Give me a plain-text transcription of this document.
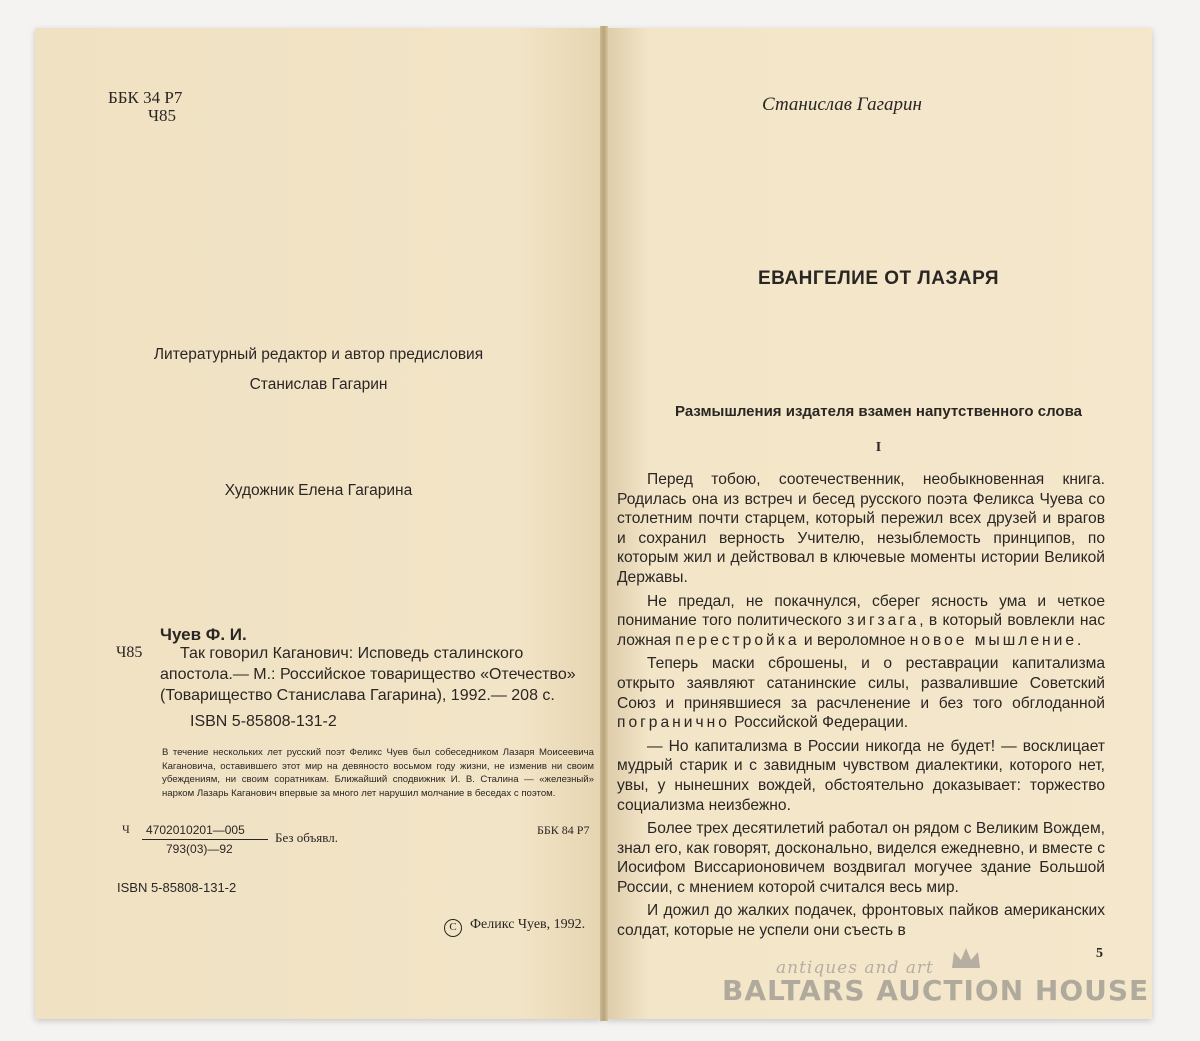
ББК 34 Р7
Ч85
Литературный редактор и автор предисловия
Станислав Гагарин
Художник Елена Гагарина
Ч85
Чуев Ф. И.
Так говорил Каганович: Исповедь сталинского
апостола.— М.: Российское товарищество «Отечество»
(Товарищество Станислава Гагарина), 1992.— 208 с.
ISBN 5-85808-131-2
В течение нескольких лет русский поэт Феликс Чуев был собеседником Лазаря Моисеевича Кагановича, оставившего этот мир на девяносто восьмом году жизни, не изменив ни своим убеждениям, ни своим соратникам. Ближайший сподвижник И. В. Сталина — «железный» нарком Лазарь Каганович впервые за много лет нарушил молчание в беседах с поэтом.
Ч 4702010201—005
793(03)—92
Без объявл.	ББК 84 Р7
ISBN 5-85808-131-2
C Феликс Чуев, 1992.
Станислав Гагарин
ЕВАНГЕЛИЕ ОТ ЛАЗАРЯ
Размышления издателя взамен напутственного слова
I

Перед тобою, соотечественник, необыкновенная книга. Родилась она из встреч и бесед русского поэта Феликса Чуева со столетним почти старцем, который пережил всех друзей и врагов и сохранил верность Учителю, незыблемость принципов, по которым жил и действовал в ключевые моменты истории Великой Державы.

Не предал, не покачнулся, сберег ясность ума и четкое понимание того политического зигзага, в который вовлекли нас ложная перестройка и вероломное новое мышление.

Теперь маски сброшены, и о реставрации капитализма открыто заявляют сатанинские силы, развалившие Советский Союз и принявшиеся за расчленение и без того обглоданной погранично Российской Федерации.

— Но капитализма в России никогда не будет! — восклицает мудрый старик и с завидным чувством диалектики, которого нет, увы, у нынешних вождей, обстоятельно доказывает: торжество социализма неизбежно.

Более трех десятилетий работал он рядом с Великим Вождем, знал его, как говорят, досконально, виделся ежедневно, и вместе с Иосифом Виссарионовичем воздвигал могучее здание Большой России, с мнением которой считался весь мир.

И дожил до жалких подачек, фронтовых пайков американских солдат, которые не успели они съесть в

5
antiques and art
BALTARS AUCTION HOUSE
